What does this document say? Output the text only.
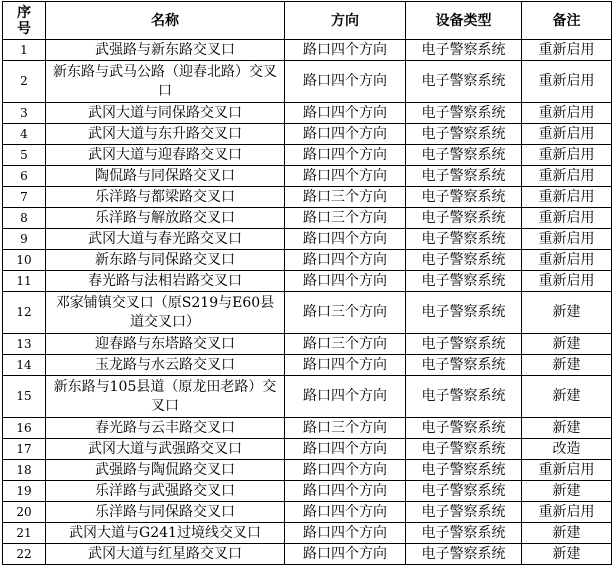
序号	名称	方向	设备类型	备注
1	武强路与新东路交叉口	路口四个方向	电子警察系统	重新启用
2	新东路与武马公路（迎春北路）交叉口	路口四个方向	电子警察系统	重新启用
3	武冈大道与同保路交叉口	路口四个方向	电子警察系统	重新启用
4	武冈大道与东升路交叉口	路口四个方向	电子警察系统	重新启用
5	武冈大道与迎春路交叉口	路口四个方向	电子警察系统	重新启用
6	陶侃路与同保路交叉口	路口四个方向	电子警察系统	重新启用
7	乐洋路与都梁路交叉口	路口三个方向	电子警察系统	重新启用
8	乐洋路与解放路交叉口	路口三个方向	电子警察系统	重新启用
9	武冈大道与春光路交叉口	路口四个方向	电子警察系统	重新启用
10	新东路与同保路交叉口	路口四个方向	电子警察系统	重新启用
11	春光路与法相岩路交叉口	路口四个方向	电子警察系统	重新启用
12	邓家铺镇交叉口（原S219与E60县道交叉口）	路口三个方向	电子警察系统	新建
13	迎春路与东塔路交叉口	路口三个方向	电子警察系统	新建
14	玉龙路与水云路交叉口	路口四个方向	电子警察系统	新建
15	新东路与105县道（原龙田老路）交叉口	路口四个方向	电子警察系统	新建
16	春光路与云丰路交叉口	路口三个方向	电子警察系统	新建
17	武冈大道与武强路交叉口	路口四个方向	电子警察系统	改造
18	武强路与陶侃路交叉口	路口四个方向	电子警察系统	重新启用
19	乐洋路与武强路交叉口	路口四个方向	电子警察系统	新建
20	乐洋路与同保路交叉口	路口四个方向	电子警察系统	重新启用
21	武冈大道与G241过境线交叉口	路口四个方向	电子警察系统	新建
22	武冈大道与红星路交叉口	路口四个方向	电子警察系统	新建
